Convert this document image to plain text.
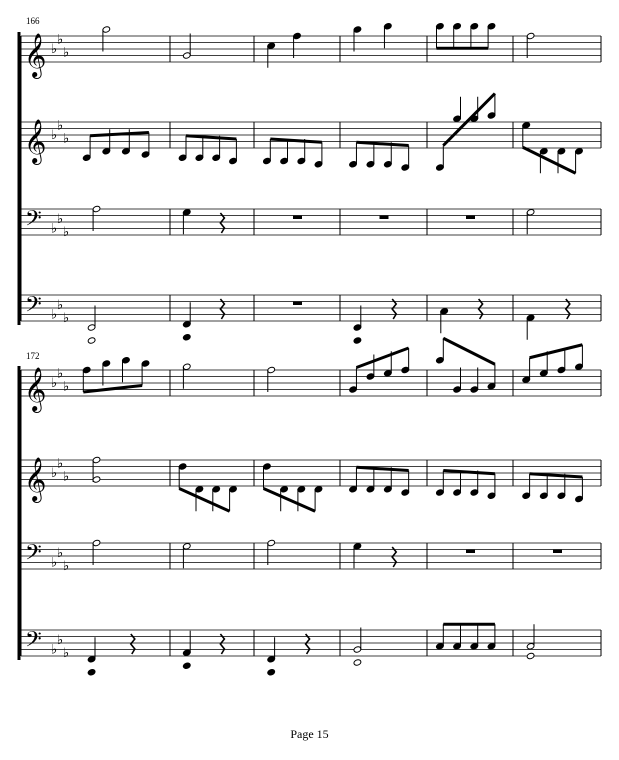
166
172
𝄞 ♭
♭
♭
𝄞 ♭
♭
♭
𝄢 ♭
♭
♭
𝄢 ♭
♭
♭
𝄞 ♭
♭
♭
𝄞 ♭
♭
♭
𝄢 ♭
♭
♭
𝄢 ♭
♭
♭
Page 15
